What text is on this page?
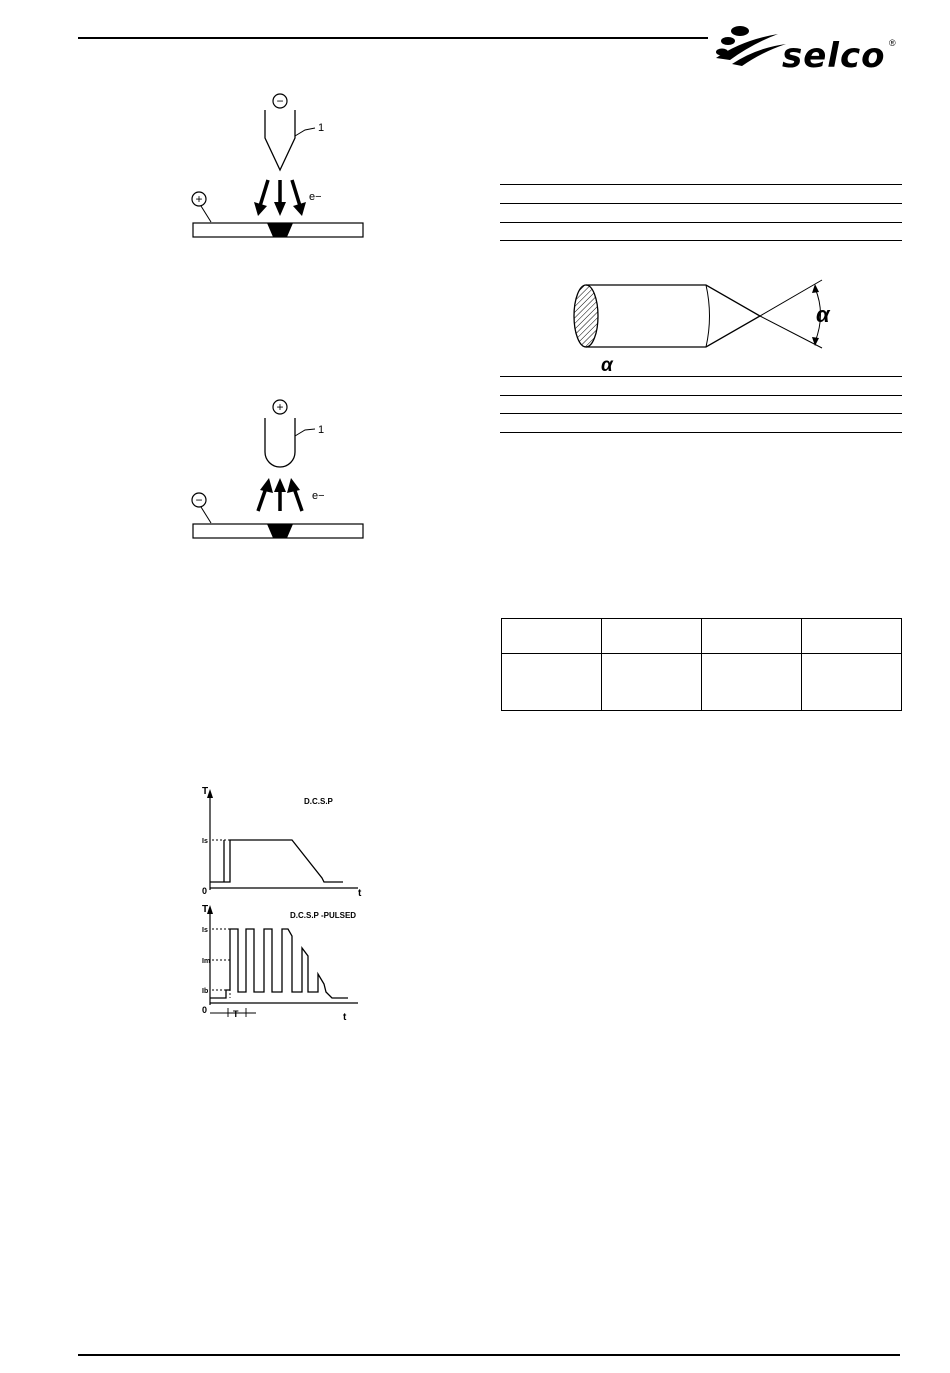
selco ®
−
1
e−
+
+
1
e−
−
α
α

T
t
0
Is
D.C.S.P
T
t
0
Is
Im
Ib
T
D.C.S.P -PULSED
